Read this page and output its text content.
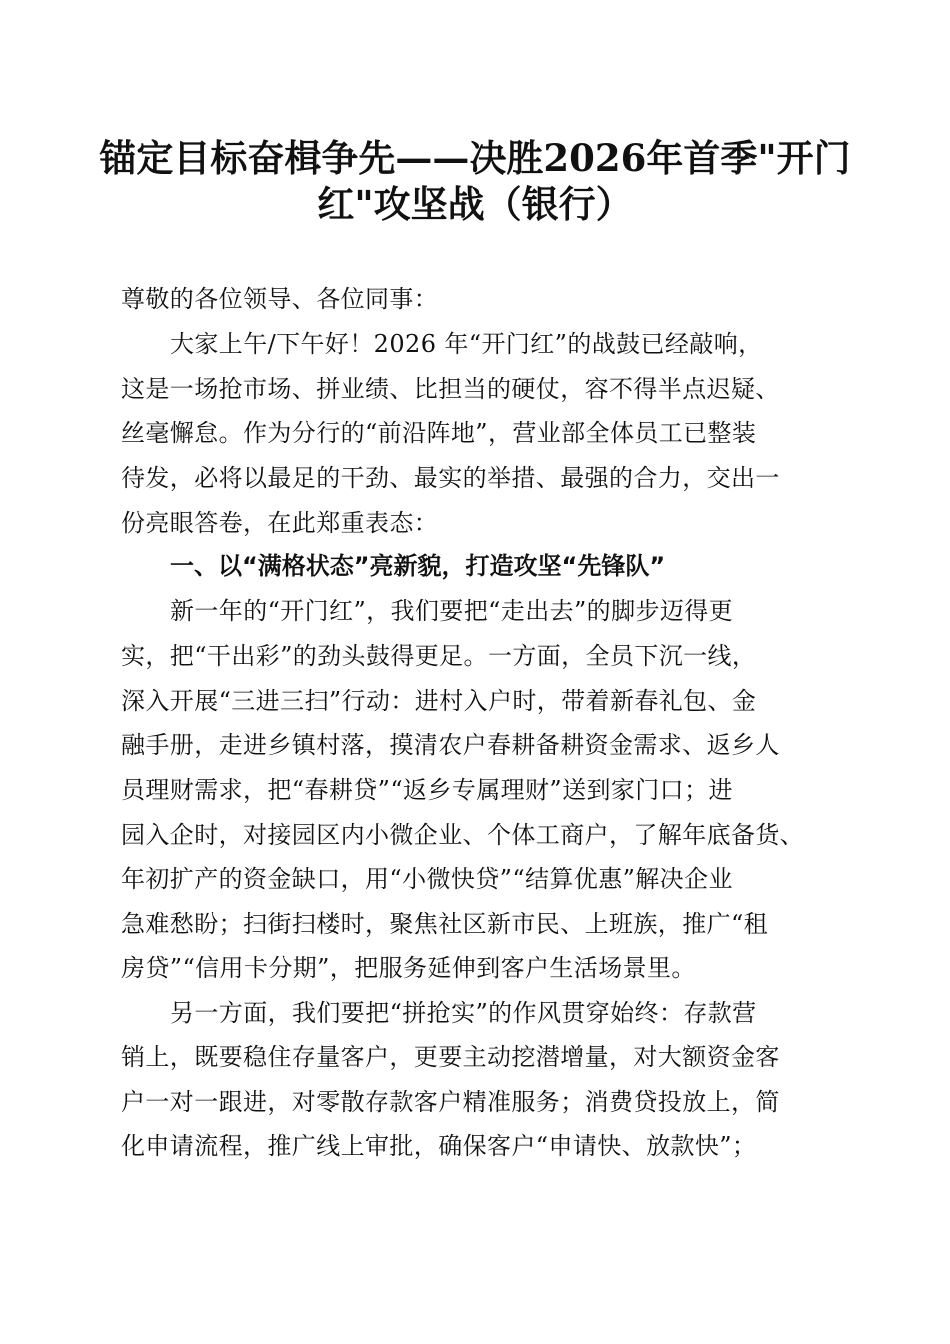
锚定目标奋楫争先——决胜2026年首季"开门
红"攻坚战（银行）
尊敬的各位领导、各位同事：
大家上午/下午好！2026 年“开门红”的战鼓已经敲响，
这是一场抢市场、拼业绩、比担当的硬仗，容不得半点迟疑、
丝毫懈怠。作为分行的“前沿阵地”，营业部全体员工已整装
待发，必将以最足的干劲、最实的举措、最强的合力，交出一
份亮眼答卷，在此郑重表态：
一、以“满格状态”亮新貌，打造攻坚“先锋队”
新一年的“开门红”，我们要把“走出去”的脚步迈得更
实，把“干出彩”的劲头鼓得更足。一方面，全员下沉一线，
深入开展“三进三扫”行动：进村入户时，带着新春礼包、金
融手册，走进乡镇村落，摸清农户春耕备耕资金需求、返乡人
员理财需求，把“春耕贷”“返乡专属理财”送到家门口；进
园入企时，对接园区内小微企业、个体工商户，了解年底备货、
年初扩产的资金缺口，用“小微快贷”“结算优惠”解决企业
急难愁盼；扫街扫楼时，聚焦社区新市民、上班族，推广“租
房贷”“信用卡分期”，把服务延伸到客户生活场景里。
另一方面，我们要把“拼抢实”的作风贯穿始终：存款营
销上，既要稳住存量客户，更要主动挖潜增量，对大额资金客
户一对一跟进，对零散存款客户精准服务；消费贷投放上，简
化申请流程，推广线上审批，确保客户“申请快、放款快”；
